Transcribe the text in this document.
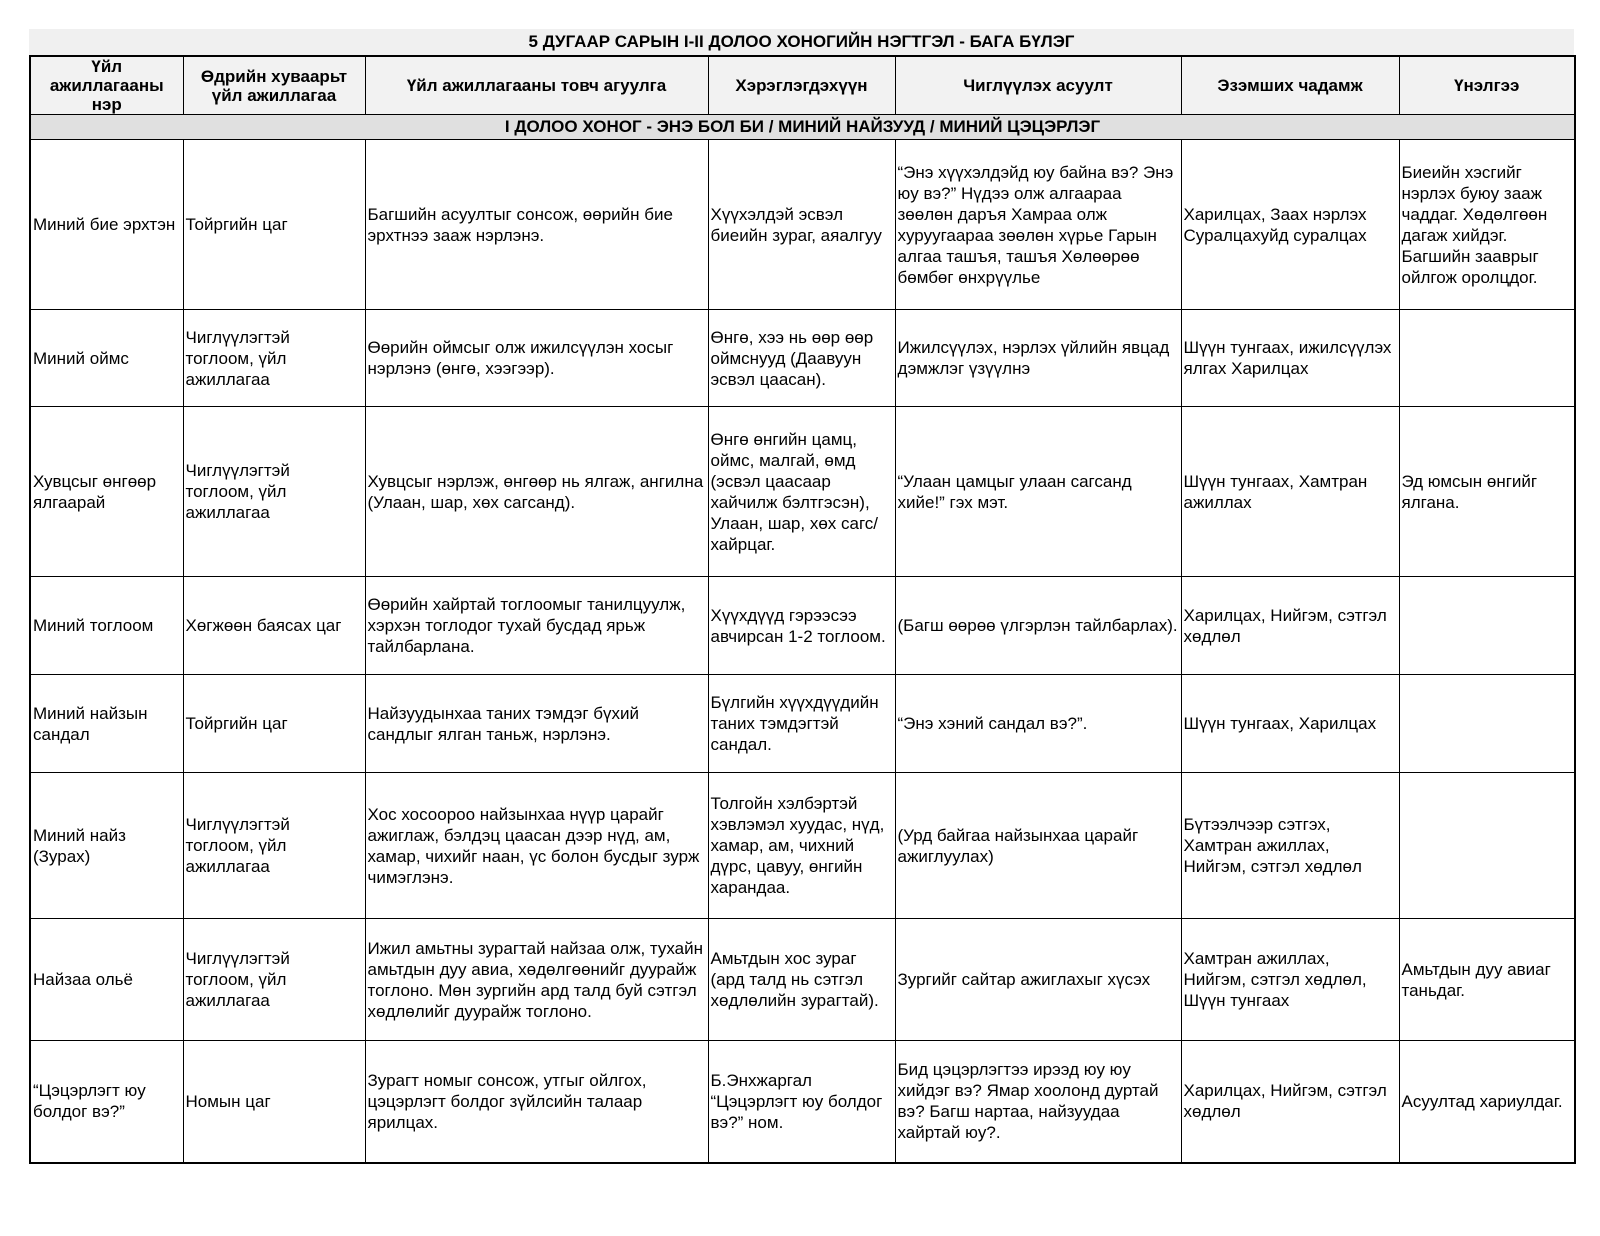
5 ДУГААР САРЫН I-II ДОЛОО ХОНОГИЙН НЭГТГЭЛ - БАГА БҮЛЭГ
Үйл ажиллагааны нэр	Өдрийн хуваарьт үйл ажиллагаа	Үйл ажиллагааны товч агуулга	Хэрэглэгдэхүүн	Чиглүүлэх асуулт	Эзэмших чадамж	Үнэлгээ
I ДОЛОО ХОНОГ - ЭНЭ БОЛ БИ / МИНИЙ НАЙЗУУД / МИНИЙ ЦЭЦЭРЛЭГ						
Миний бие эрхтэн	Тойргийн цаг	Багшийн асуултыг сонсож, өөрийн бие эрхтнээ зааж нэрлэнэ.	Хүүхэлдэй эсвэл биеийн зураг, аяалгуу	“Энэ хүүхэлдэйд юу байна вэ? Энэ юу вэ?” Нүдээ олж алгаараа зөөлөн даръя Хамраа олж хуруугаараа зөөлөн хүрье Гарын алгаа ташъя, ташъя Хөлөөрөө бөмбөг өнхрүүлье	Харилцах, Заах нэрлэх Суралцахуйд суралцах	Биеийн хэсгийг нэрлэх буюу зааж чаддаг. Хөдөлгөөн дагаж хийдэг. Багшийн зааврыг ойлгож оролцдог.
Миний оймс	Чиглүүлэгтэй тоглоом, үйл ажиллагаа	Өөрийн оймсыг олж ижилсүүлэн хосыг нэрлэнэ (өнгө, хээгээр).	Өнгө, хээ нь өөр өөр оймснууд (Даавуун эсвэл цаасан).	Ижилсүүлэх, нэрлэх үйлийн явцад дэмжлэг үзүүлнэ	Шүүн тунгаах, ижилсүүлэх ялгах Харилцах	
Хувцсыг өнгөөр ялгаарай	Чиглүүлэгтэй тоглоом, үйл ажиллагаа	Хувцсыг нэрлэж, өнгөөр нь ялгаж, ангилна (Улаан, шар, хөх сагсанд).	Өнгө өнгийн цамц, оймс, малгай, өмд (эсвэл цаасаар хайчилж бэлтгэсэн), Улаан, шар, хөх сагс/хайрцаг.	“Улаан цамцыг улаан сагсанд хийе!” гэх мэт.	Шүүн тунгаах, Хамтран ажиллах	Эд юмсын өнгийг ялгана.
Миний тоглоом	Хөгжөөн баясах цаг	Өөрийн хайртай тоглоомыг танилцуулж, хэрхэн тоглодог тухай бусдад ярьж тайлбарлана.	Хүүхдүүд гэрээсээ авчирсан 1-2 тоглоом.	(Багш өөрөө үлгэрлэн тайлбарлах).	Харилцах, Нийгэм, сэтгэл хөдлөл	
Миний найзын сандал	Тойргийн цаг	Найзуудынхаа таних тэмдэг бүхий сандлыг ялган таньж, нэрлэнэ.	Бүлгийн хүүхдүүдийн таних тэмдэгтэй сандал.	“Энэ хэний сандал вэ?”.	Шүүн тунгаах, Харилцах	
Миний найз (Зурах)	Чиглүүлэгтэй тоглоом, үйл ажиллагаа	Хос хосоороо найзынхаа нүүр царайг ажиглаж, бэлдэц цаасан дээр нүд, ам, хамар, чихийг наан, үс болон бусдыг зурж чимэглэнэ.	Толгойн хэлбэртэй хэвлэмэл хуудас, нүд, хамар, ам, чихний дүрс, цавуу, өнгийн харандаа.	(Урд байгаа найзынхаа царайг ажиглуулах)	Бүтээлчээр сэтгэх, Хамтран ажиллах, Нийгэм, сэтгэл хөдлөл	
Найзаа ольё	Чиглүүлэгтэй тоглоом, үйл ажиллагаа	Ижил амьтны зурагтай найзаа олж, тухайн амьтдын дуу авиа, хөдөлгөөнийг дуурайж тоглоно. Мөн зургийн ард талд буй сэтгэл хөдлөлийг дуурайж тоглоно.	Амьтдын хос зураг (ард талд нь сэтгэл хөдлөлийн зурагтай).	Зургийг сайтар ажиглахыг хүсэх	Хамтран ажиллах, Нийгэм, сэтгэл хөдлөл, Шүүн тунгаах	Амьтдын дуу авиаг таньдаг.
“Цэцэрлэгт юу болдог вэ?”	Номын цаг	Зурагт номыг сонсож, утгыг ойлгох, цэцэрлэгт болдог зүйлсийн талаар ярилцах.	Б.Энхжаргал “Цэцэрлэгт юу болдог вэ?” ном.	Бид цэцэрлэгтээ ирээд юу юу хийдэг вэ? Ямар хоолонд дуртай вэ? Багш нартаа, найзуудаа хайртай юу?.	Харилцах, Нийгэм, сэтгэл хөдлөл	Асуултад хариулдаг.
